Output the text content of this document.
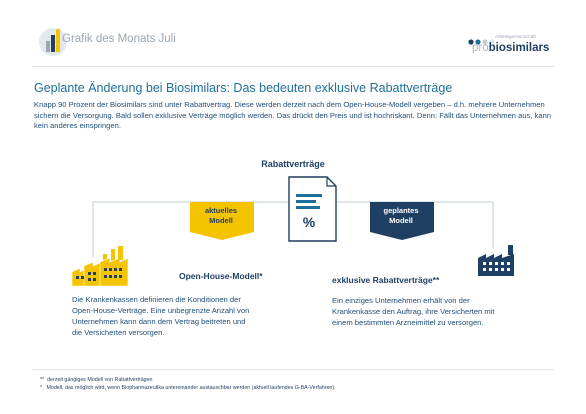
Grafik des Monats Juli	Arbeitsgemeinschaft
probiosimilars
Geplante Änderung bei Biosimilars: Das bedeuten exklusive Rabattverträge
Knapp 90 Prozent der Biosimilars sind unter Rabattvertrag. Diese werden derzeit nach dem Open-House-Modell vergeben – d.h. mehrere Unternehmen sichern die Versorgung. Bald sollen exklusive Verträge möglich werden. Das drückt den Preis und ist hochriskant. Denn: Fällt das Unternehmen aus, kann kein anderes einspringen.
Rabattverträge
%
aktuelles
Modell
geplantes
Modell
Open-House-Modell*
Die Krankenkassen definieren die Konditionen der Open-House-Verträge. Eine unbegrenzte Anzahl von Unternehmen kann dann dem Vertrag beitreten und die Versicherten versorgen.
exklusive Rabattverträge**
Ein einziges Unternehmen erhält von der Krankenkasse den Auftrag, ihre Versicherten mit einem bestimmten Arzneimittel zu versorgen.
**  derzeit gängiges Modell von Rabattverträgen
*   Modell, das möglich wird, wenn Biopharmazeutika untereinander austauschbar werden (aktuell laufendes G-BA-Verfahren)
